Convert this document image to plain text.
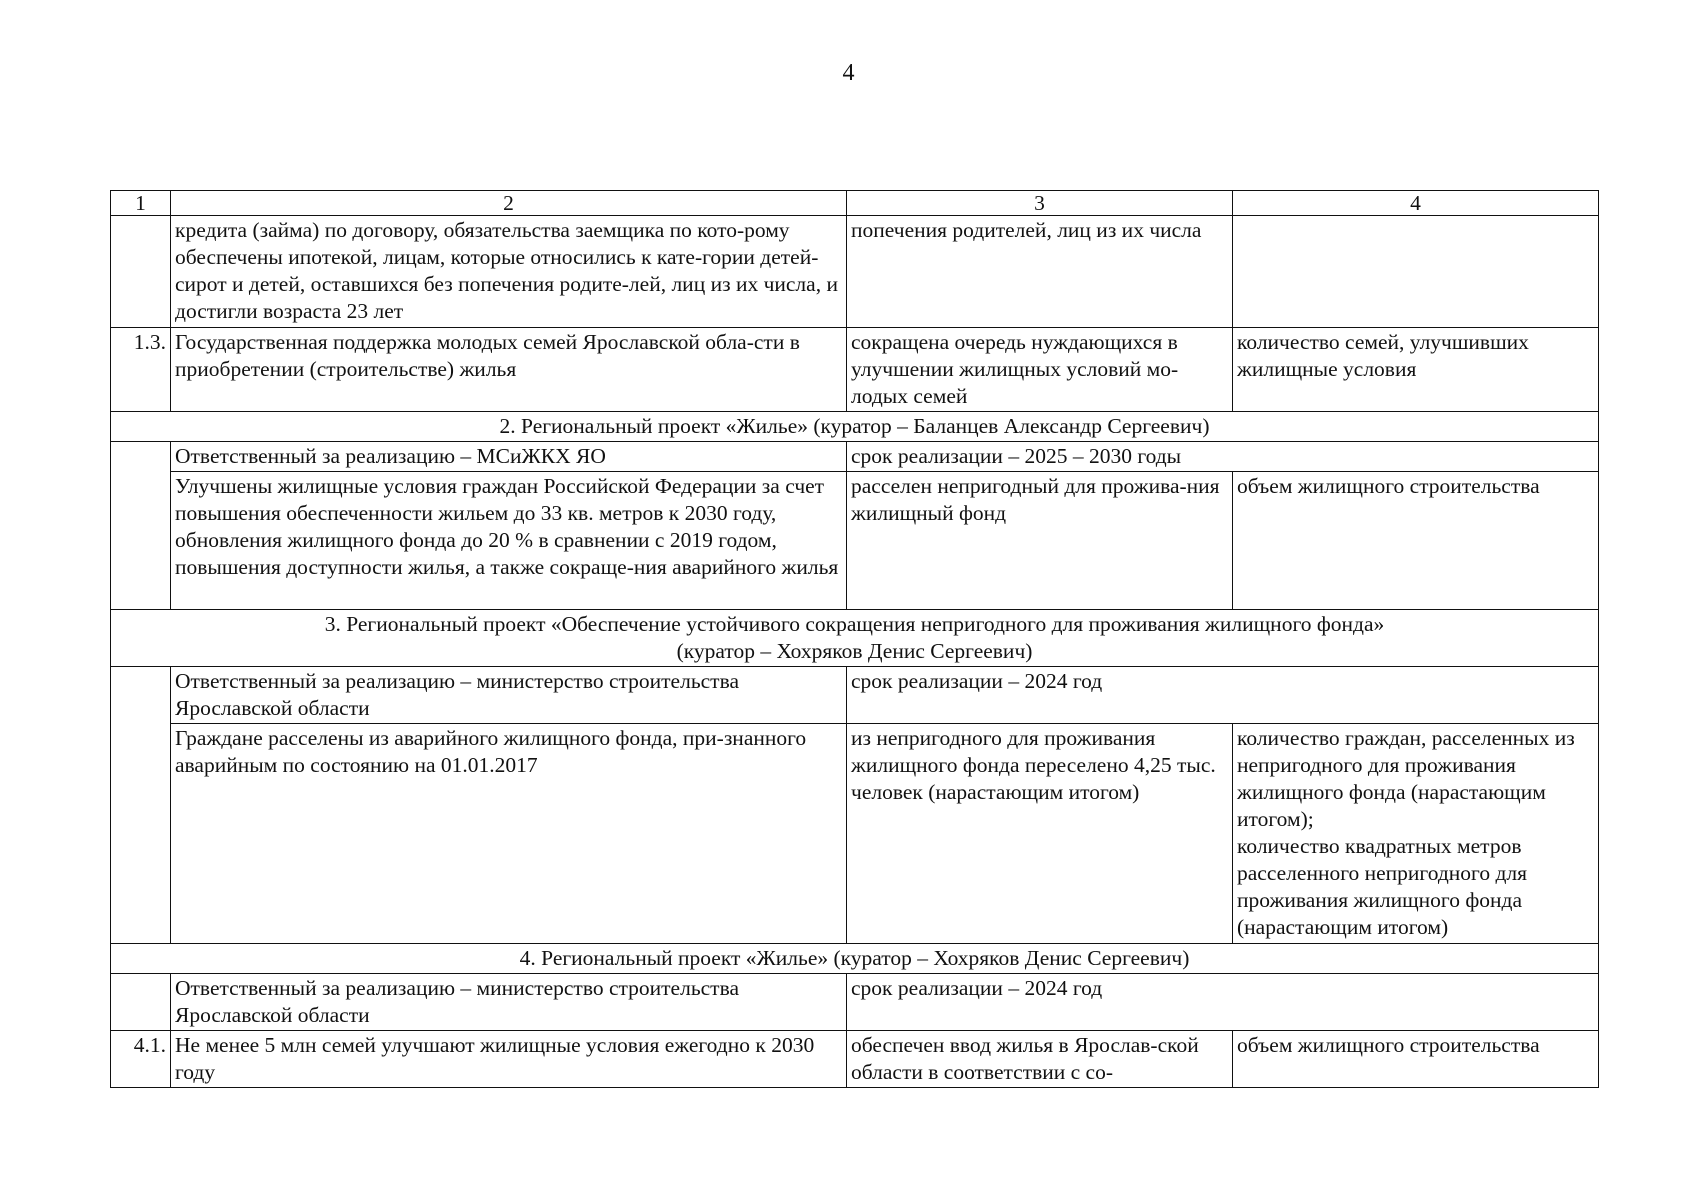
4
1	2	3	4
	кредита (займа) по договору, обязательства заемщика по кото-рому обеспечены ипотекой, лицам, которые относились к кате-гории детей-сирот и детей, оставшихся без попечения родите-лей, лиц из их числа, и достигли возраста 23 лет	попечения родителей, лиц из их числа	
1.3.	Государственная поддержка молодых семей Ярославской обла-сти в приобретении (строительстве) жилья	сокращена очередь нуждающихся в улучшении жилищных условий мо-лодых семей	количество семей, улучшивших жилищные условия
2. Региональный проект «Жилье» (куратор – Баланцев Александр Сергеевич)			
	Ответственный за реализацию – МСиЖКХ ЯО	срок реализации – 2025 – 2030 годы	
	Улучшены жилищные условия граждан Российской Федерации за счет повышения обеспеченности жильем до 33 кв. метров к 2030 году, обновления жилищного фонда до 20 % в сравнении с 2019 годом, повышения доступности жилья, а также сокраще-ния аварийного жилья	расселен непригодный для прожива-ния жилищный фонд	объем жилищного строительства

3. Региональный проект «Обеспечение устойчивого сокращения непригодного для проживания жилищного фонда»
(куратор – Хохряков Денис Сергеевич)			

	Ответственный за реализацию – министерство строительства Ярославской области	срок реализации – 2024 год	
	Граждане расселены из аварийного жилищного фонда, при-знанного аварийным по состоянию на 01.01.2017	из непригодного для проживания жилищного фонда переселено 4,25 тыс. человек (нарастающим итогом)	количество граждан, расселенных из непригодного для проживания жилищного фонда (нарастающим итогом);
количество квадратных метров расселенного непригодного для проживания жилищного фонда (нарастающим итогом)

4. Региональный проект «Жилье» (куратор – Хохряков Денис Сергеевич)			
	Ответственный за реализацию – министерство строительства Ярославской области	срок реализации – 2024 год	
4.1.	Не менее 5 млн семей улучшают жилищные условия ежегодно к 2030 году	обеспечен ввод жилья в Ярослав-ской области в соответствии с со-	объем жилищного строительства
